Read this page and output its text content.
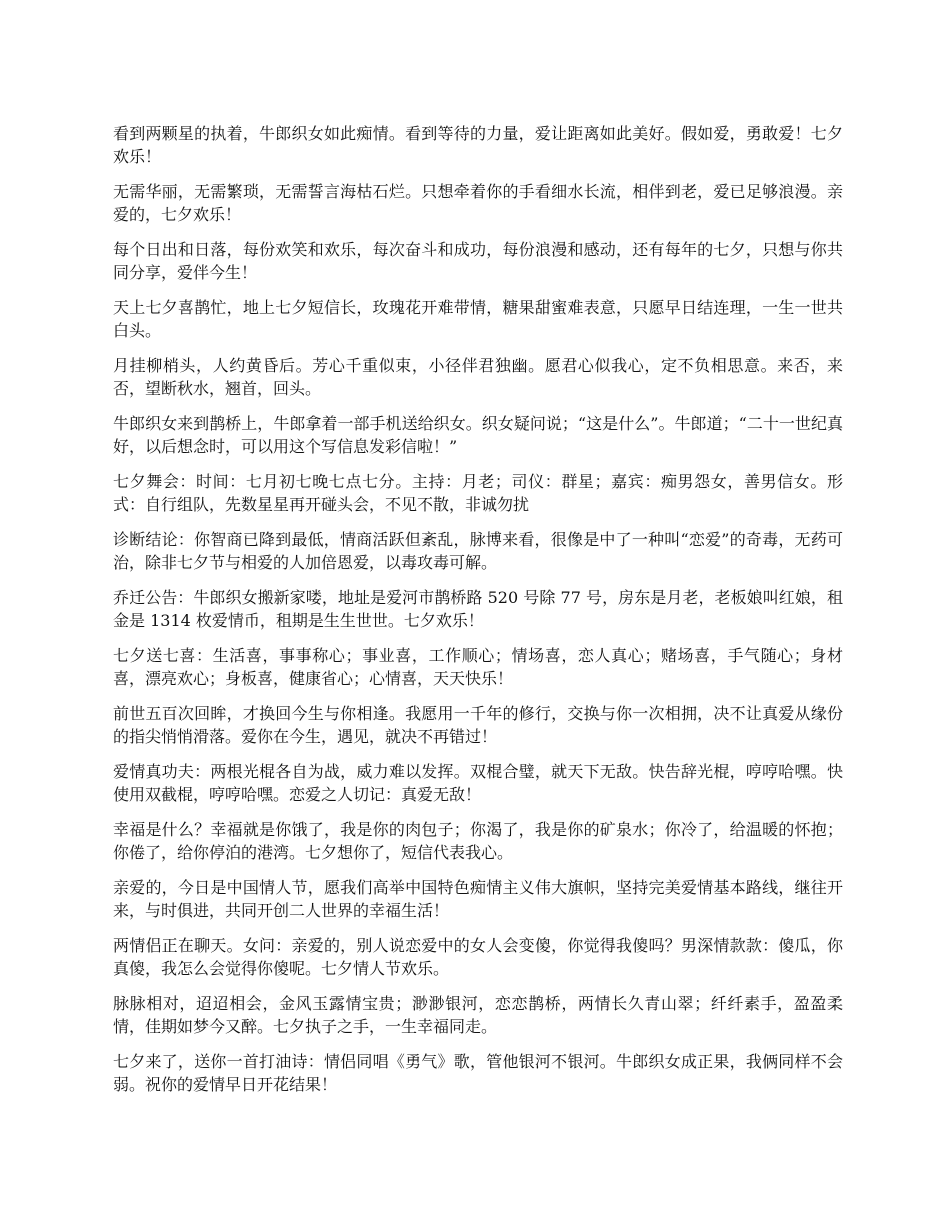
看到两颗星的执着，牛郎织女如此痴情。看到等待的力量，爱让距离如此美好。假如爱，勇敢爱！七夕欢乐！

无需华丽，无需繁琐，无需誓言海枯石烂。只想牵着你的手看细水长流，相伴到老，爱已足够浪漫。亲爱的，七夕欢乐！

每个日出和日落，每份欢笑和欢乐，每次奋斗和成功，每份浪漫和感动，还有每年的七夕，只想与你共同分享，爱伴今生！

天上七夕喜鹊忙，地上七夕短信长，玫瑰花开难带情，糖果甜蜜难表意，只愿早日结连理，一生一世共白头。

月挂柳梢头，人约黄昏后。芳心千重似束，小径伴君独幽。愿君心似我心，定不负相思意。来否，来否，望断秋水，翘首，回头。

牛郎织女来到鹊桥上，牛郎拿着一部手机送给织女。织女疑问说；“这是什么”。牛郎道；“二十一世纪真好，以后想念时，可以用这个写信息发彩信啦！”

七夕舞会：时间：七月初七晚七点七分。主持：月老；司仪：群星；嘉宾：痴男怨女，善男信女。形式：自行组队，先数星星再开碰头会，不见不散，非诚勿扰

诊断结论：你智商已降到最低，情商活跃但紊乱，脉博来看，很像是中了一种叫“恋爱”的奇毒，无药可治，除非七夕节与相爱的人加倍恩爱，以毒攻毒可解。

乔迁公告：牛郎织女搬新家喽，地址是爱河市鹊桥路 520 号除 77 号，房东是月老，老板娘叫红娘，租金是 1314 枚爱情币，租期是生生世世。七夕欢乐！

七夕送七喜：生活喜，事事称心；事业喜，工作顺心；情场喜，恋人真心；赌场喜，手气随心；身材喜，漂亮欢心；身板喜，健康省心；心情喜，天天快乐！

前世五百次回眸，才换回今生与你相逢。我愿用一千年的修行，交换与你一次相拥，决不让真爱从缘份的指尖悄悄滑落。爱你在今生，遇见，就决不再错过！

爱情真功夫：两根光棍各自为战，威力难以发挥。双棍合璧，就天下无敌。快告辞光棍，哼哼哈嘿。快使用双截棍，哼哼哈嘿。恋爱之人切记：真爱无敌！

幸福是什么？幸福就是你饿了，我是你的肉包子；你渴了，我是你的矿泉水；你冷了，给温暖的怀抱；你倦了，给你停泊的港湾。七夕想你了，短信代表我心。

亲爱的，今日是中国情人节，愿我们高举中国特色痴情主义伟大旗帜，坚持完美爱情基本路线，继往开来，与时俱进，共同开创二人世界的幸福生活！

两情侣正在聊天。女问：亲爱的，别人说恋爱中的女人会变傻，你觉得我傻吗？男深情款款：傻瓜，你真傻，我怎么会觉得你傻呢。七夕情人节欢乐。

脉脉相对，迢迢相会，金风玉露情宝贵；渺渺银河，恋恋鹊桥，两情长久青山翠；纤纤素手，盈盈柔情，佳期如梦今又醉。七夕执子之手，一生幸福同走。

七夕来了，送你一首打油诗：情侣同唱《勇气》歌，管他银河不银河。牛郎织女成正果，我俩同样不会弱。祝你的爱情早日开花结果！
